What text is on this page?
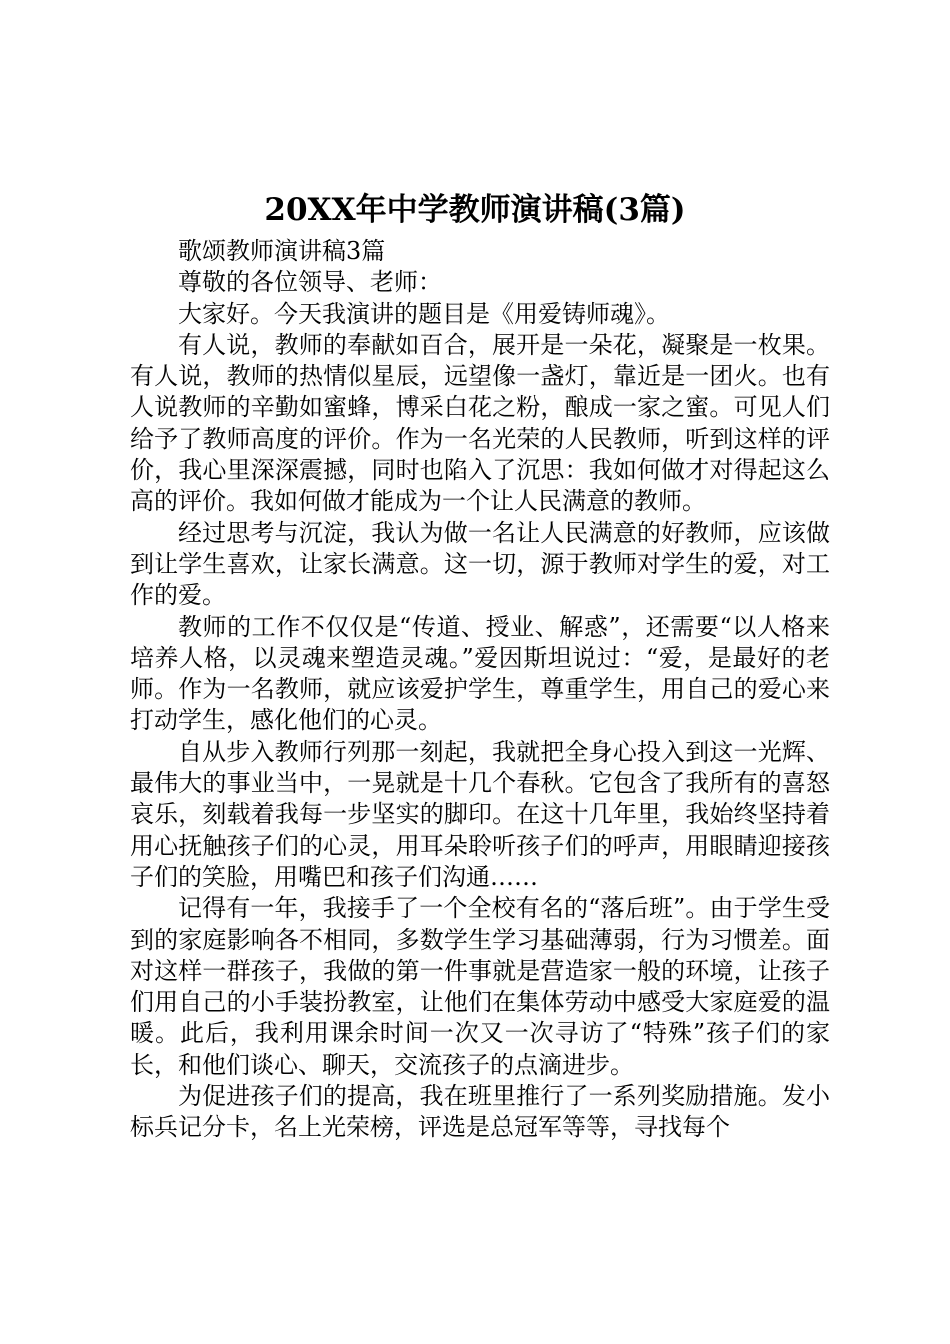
20XX年中学教师演讲稿(3篇)

歌颂教师演讲稿3篇

尊敬的各位领导、老师：

大家好。今天我演讲的题目是《用爱铸师魂》。

有人说，教师的奉献如百合，展开是一朵花，凝聚是一枚果。有人说，教师的热情似星辰，远望像一盏灯，靠近是一团火。也有人说教师的辛勤如蜜蜂，博采白花之粉，酿成一家之蜜。可见人们给予了教师高度的评价。作为一名光荣的人民教师，听到这样的评价，我心里深深震撼，同时也陷入了沉思：我如何做才对得起这么高的评价。我如何做才能成为一个让人民满意的教师。

经过思考与沉淀，我认为做一名让人民满意的好教师，应该做到让学生喜欢，让家长满意。这一切，源于教师对学生的爱，对工作的爱。

教师的工作不仅仅是“传道、授业、解惑”，还需要“以人格来培养人格，以灵魂来塑造灵魂。”爱因斯坦说过：“爱，是最好的老师。作为一名教师，就应该爱护学生，尊重学生，用自己的爱心来打动学生，感化他们的心灵。

自从步入教师行列那一刻起，我就把全身心投入到这一光辉、最伟大的事业当中，一晃就是十几个春秋。它包含了我所有的喜怒哀乐，刻载着我每一步坚实的脚印。在这十几年里，我始终坚持着用心抚触孩子们的心灵，用耳朵聆听孩子们的呼声，用眼睛迎接孩子们的笑脸，用嘴巴和孩子们沟通……

记得有一年，我接手了一个全校有名的“落后班”。由于学生受到的家庭影响各不相同，多数学生学习基础薄弱，行为习惯差。面对这样一群孩子，我做的第一件事就是营造家一般的环境，让孩子们用自己的小手装扮教室，让他们在集体劳动中感受大家庭爱的温暖。此后，我利用课余时间一次又一次寻访了“特殊”孩子们的家长，和他们谈心、聊天，交流孩子的点滴进步。

为促进孩子们的提高，我在班里推行了一系列奖励措施。发小标兵记分卡，名上光荣榜，评选是总冠军等等，寻找每个
